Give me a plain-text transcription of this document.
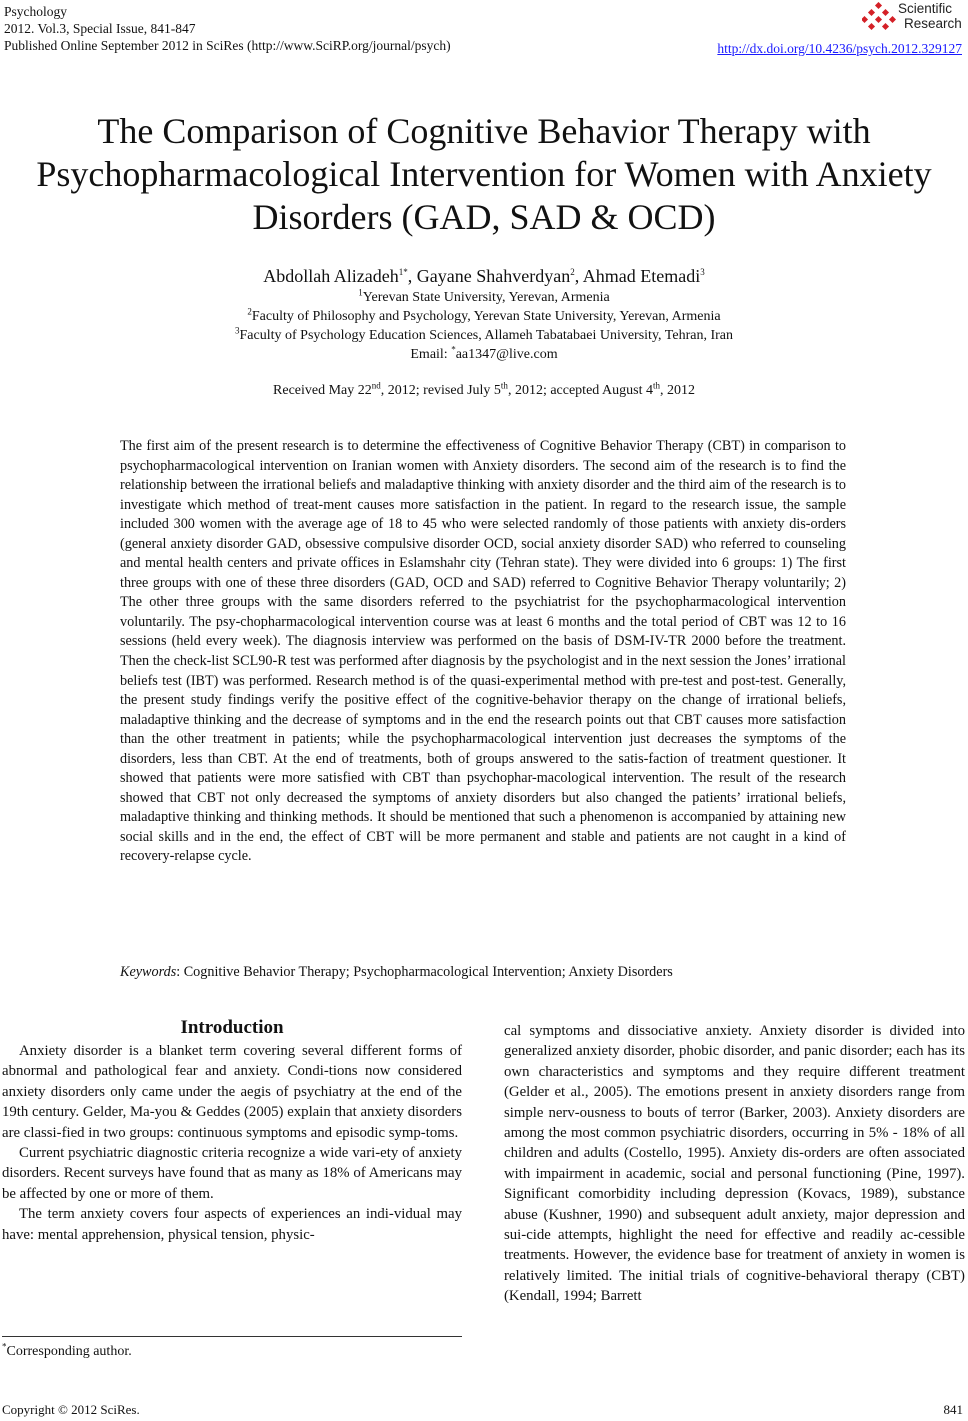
Psychology
2012. Vol.3, Special Issue, 841-847
Published Online September 2012 in SciRes (http://www.SciRP.org/journal/psych)
Scientific
Research
http://dx.doi.org/10.4236/psych.2012.329127
The Comparison of Cognitive Behavior Therapy with
Psychopharmacological Intervention for Women with Anxiety
Disorders (GAD, SAD & OCD)
Abdollah Alizadeh$^{1*}$, Gayane Shahverdyan$^2$, Ahmad Etemadi$^3$
$^1$Yerevan State University, Yerevan, Armenia
$^2$Faculty of Philosophy and Psychology, Yerevan State University, Yerevan, Armenia
$^3$Faculty of Psychology Education Sciences, Allameh Tabatabaei University, Tehran, Iran
Email: *aa1347@live.com
Received May 22nd, 2012; revised July 5th, 2012; accepted August 4th, 2012
The first aim of the present research is to determine the effectiveness of Cognitive Behavior Therapy (CBT) in comparison to psychopharmacological intervention on Iranian women with Anxiety disorders. The second aim of the research is to find the relationship between the irrational beliefs and maladaptive thinking with anxiety disorder and the third aim of the research is to investigate which method of treat-ment causes more satisfaction in the patient. In regard to the research issue, the sample included 300 women with the average age of 18 to 45 who were selected randomly of those patients with anxiety dis-orders (general anxiety disorder GAD, obsessive compulsive disorder OCD, social anxiety disorder SAD) who referred to counseling and mental health centers and private offices in Eslamshahr city (Tehran state). They were divided into 6 groups: 1) The first three groups with one of these three disorders (GAD, OCD and SAD) referred to Cognitive Behavior Therapy voluntarily; 2) The other three groups with the same disorders referred to the psychiatrist for the psychopharmacological intervention voluntarily. The psy-chopharmacological intervention course was at least 6 months and the total period of CBT was 12 to 16 sessions (held every week). The diagnosis interview was performed on the basis of DSM-IV-TR 2000 before the treatment. Then the check-list SCL90-R test was performed after diagnosis by the psychologist and in the next session the Jones’ irrational beliefs test (IBT) was performed. Research method is of the quasi-experimental method with pre-test and post-test. Generally, the present study findings verify the positive effect of the cognitive-behavior therapy on the change of irrational beliefs, maladaptive thinking and the decrease of symptoms and in the end the research points out that CBT causes more satisfaction than the other treatment in patients; while the psychopharmacological intervention just decreases the symptoms of the disorders, less than CBT. At the end of treatments, both of groups answered to the satis-faction of treatment questioner. It showed that patients were more satisfied with CBT than psychophar-macological intervention. The result of the research showed that CBT not only decreased the symptoms of anxiety disorders but also changed the patients’ irrational beliefs, maladaptive thinking and thinking methods. It should be mentioned that such a phenomenon is accompanied by attaining new social skills and in the end, the effect of CBT will be more permanent and stable and patients are not caught in a kind of recovery-relapse cycle.
Keywords: Cognitive Behavior Therapy; Psychopharmacological Intervention; Anxiety Disorders
Introduction

Anxiety disorder is a blanket term covering several different forms of abnormal and pathological fear and anxiety. Condi-tions now considered anxiety disorders only came under the aegis of psychiatry at the end of the 19th century. Gelder, Ma-you & Geddes (2005) explain that anxiety disorders are classi-fied in two groups: continuous symptoms and episodic symp-toms.

Current psychiatric diagnostic criteria recognize a wide vari-ety of anxiety disorders. Recent surveys have found that as many as 18% of Americans may be affected by one or more of them.

The term anxiety covers four aspects of experiences an indi-vidual may have: mental apprehension, physical tension, physic-

cal symptoms and dissociative anxiety. Anxiety disorder is divided into generalized anxiety disorder, phobic disorder, and panic disorder; each has its own characteristics and symptoms and they require different treatment (Gelder et al., 2005). The emotions present in anxiety disorders range from simple nerv-ousness to bouts of terror (Barker, 2003). Anxiety disorders are among the most common psychiatric disorders, occurring in 5% - 18% of all children and adults (Costello, 1995). Anxiety dis-orders are often associated with impairment in academic, social and personal functioning (Pine, 1997). Significant comorbidity including depression (Kovacs, 1989), substance abuse (Kushner, 1990) and subsequent adult anxiety, major depression and sui-cide attempts, highlight the need for effective and readily ac-cessible treatments. However, the evidence base for treatment of anxiety in women is relatively limited. The initial trials of cognitive-behavioral therapy (CBT) (Kendall, 1994; Barrett

*Corresponding author.
Copyright © 2012 SciRes.	841
